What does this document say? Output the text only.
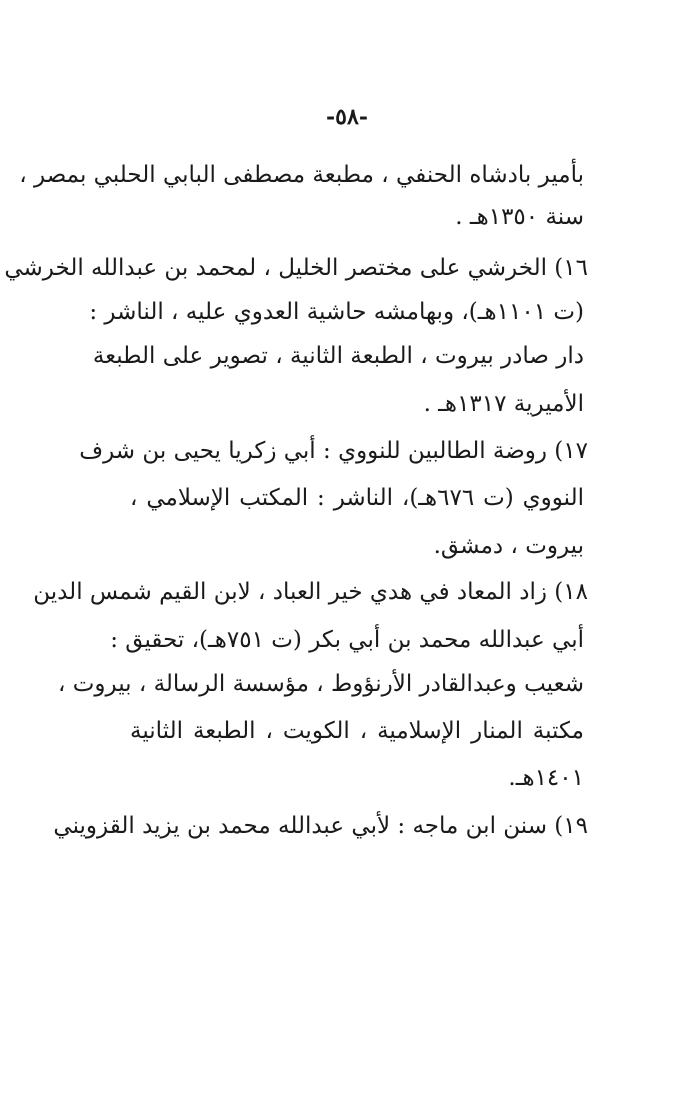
-٥٨-
بأمير بادشاه الحنفي ، مطبعة مصطفى البابي الحلبي بمصر ،
سنة ١٣٥٠هـ .
١٦) الخرشي على مختصر الخليل ، لمحمد بن عبدالله الخرشي
(ت ١١٠١هـ)، وبهامشه حاشية العدوي عليه ، الناشر :
دار صادر بيروت ، الطبعة الثانية ، تصوير على الطبعة
الأميرية ١٣١٧هـ .
١٧) روضة الطالبين للنووي : أبي زكريا يحيى بن شرف
النووي (ت ٦٧٦هـ)، الناشر : المكتب الإسلامي ،
بيروت ، دمشق.
١٨) زاد المعاد في هدي خير العباد ، لابن القيم شمس الدين
أبي عبدالله محمد بن أبي بكر (ت ٧٥١هـ)، تحقيق :
شعيب وعبدالقادر الأرنؤوط ، مؤسسة الرسالة ، بيروت ،
مكتبة المنار الإسلامية ، الكويت ، الطبعة الثانية
١٤٠١هـ.
١٩) سنن ابن ماجه : لأبي عبدالله محمد بن يزيد القزويني
